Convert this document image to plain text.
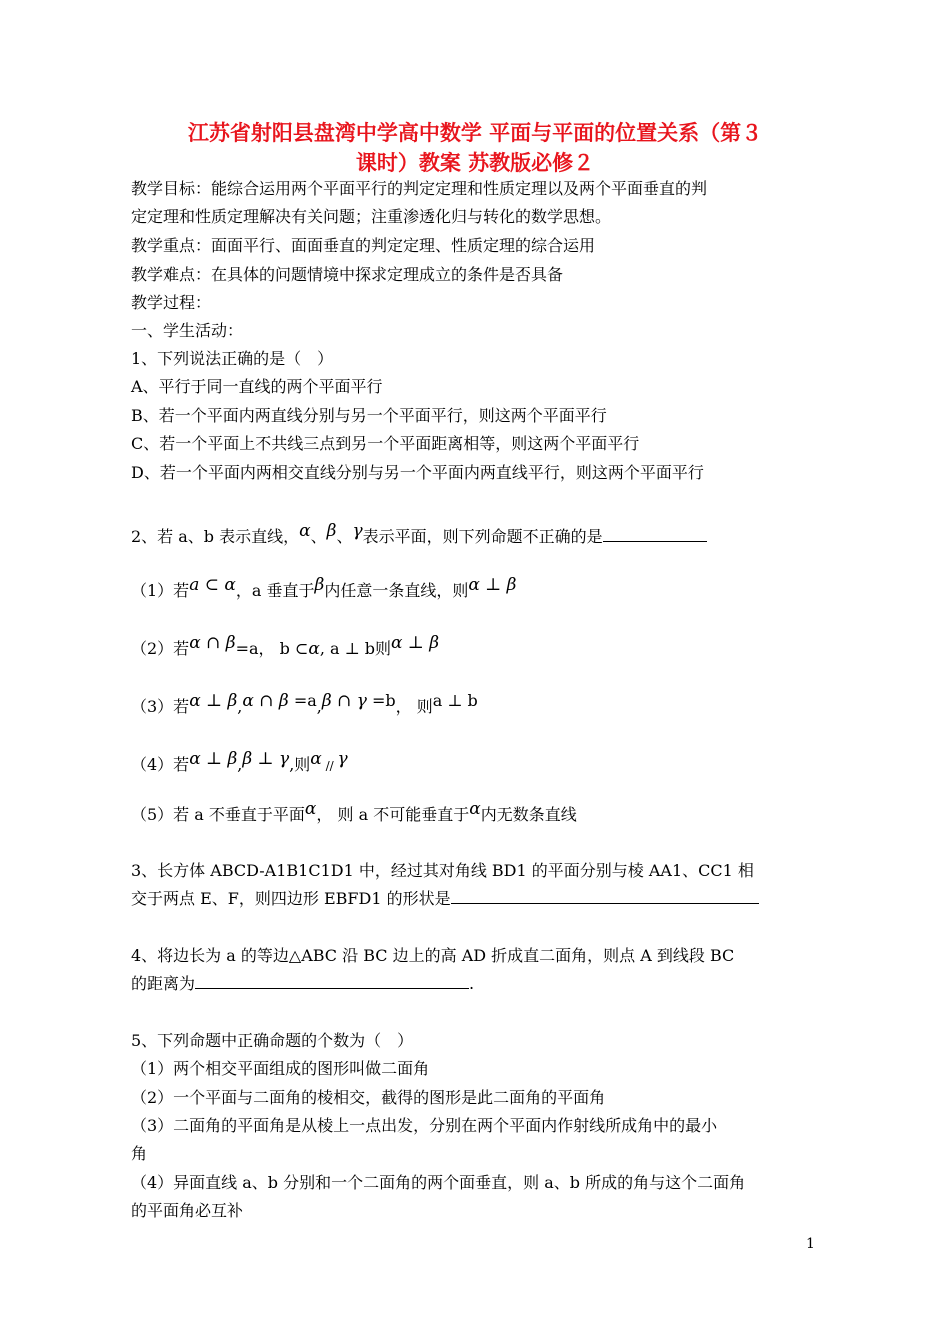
江苏省射阳县盘湾中学高中数学 平面与平面的位置关系（第３
课时）教案 苏教版必修２
教学目标：能综合运用两个平面平行的判定定理和性质定理以及两个平面垂直的判
定定理和性质定理解决有关问题；注重渗透化归与转化的数学思想。
教学重点：面面平行、面面垂直的判定定理、性质定理的综合运用
教学难点：在具体的问题情境中探求定理成立的条件是否具备
教学过程：
一、学生活动：
1、下列说法正确的是（　）
A、平行于同一直线的两个平面平行
B、若一个平面内两直线分别与另一个平面平行，则这两个平面平行
C、若一个平面上不共线三点到另一个平面距离相等，则这两个平面平行
D、若一个平面内两相交直线分别与另一个平面内两直线平行，则这两个平面平行
2、若 a、b 表示直线，α、β、γ表示平面，则下列命题不正确的是
（1）若a ⊂ α，a 垂直于β内任意一条直线，则α ⊥ β
（2）若α ∩ β=a， b ⊂α, a ⊥ b则α ⊥ β
（3）若α ⊥ β,α ∩ β =a,β ∩ γ =b， 则a ⊥ b
（4）若α ⊥ β,β ⊥ γ,则α // γ
（5）若 a 不垂直于平面α， 则 a 不可能垂直于α内无数条直线
3、长方体 ABCD-A1B1C1D1 中，经过其对角线 BD1 的平面分别与棱 AA1、CC1 相
交于两点 E、F，则四边形 EBFD1 的形状是
4、将边长为 a 的等边△ABC 沿 BC 边上的高 AD 折成直二面角，则点 A 到线段 BC
的距离为	.
5、下列命题中正确命题的个数为（　）
（1）两个相交平面组成的图形叫做二面角
（2）一个平面与二面角的棱相交，截得的图形是此二面角的平面角
（3）二面角的平面角是从棱上一点出发，分别在两个平面内作射线所成角中的最小
角
（4）异面直线 a、b 分别和一个二面角的两个面垂直，则 a、b 所成的角与这个二面角
的平面角必互补
1
